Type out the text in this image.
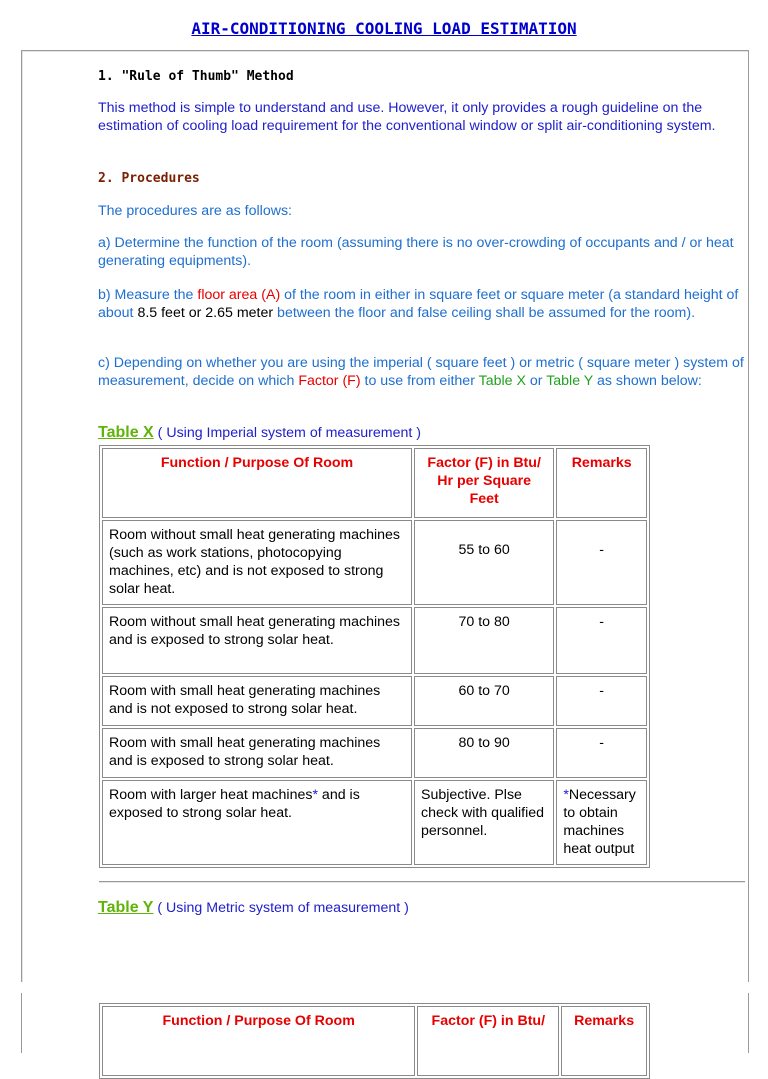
AIR-CONDITIONING COOLING LOAD ESTIMATION
1. "Rule of Thumb" Method

This method is simple to understand and use. However, it only provides a rough guideline on the estimation of cooling load requirement for the conventional window or split air-conditioning system.

2. Procedures

The procedures are as follows:

a) Determine the function of the room (assuming there is no over-crowding of occupants and / or heat generating equipments).

b) Measure the floor area (A) of the room in either in square feet or square meter (a standard height of about 8.5 feet or 2.65 meter between the floor and false ceiling shall be assumed for the room).

c) Depending on whether you are using the imperial ( square feet ) or metric ( square meter ) system of measurement, decide on which Factor (F) to use from either Table X or Table Y as shown below:

Table X ( Using Imperial system of measurement )
Function / Purpose Of Room	Factor (F) in Btu/ Hr per Square Feet	Remarks
Room without small heat generating machines (such as work stations, photocopying machines, etc) and is not exposed to strong solar heat.	55 to 60	-
Room without small heat generating machines and is exposed to strong solar heat.	70 to 80	-
Room with small heat generating machines and is not exposed to strong solar heat.	60 to 70	-
Room with small heat generating machines and is exposed to strong solar heat.	80 to 90	-
Room with larger heat machines* and is exposed to strong solar heat.	Subjective. Plse check with qualified personnel.	*Necessary to obtain machines heat output
Table Y ( Using Metric system of measurement )
Function / Purpose Of Room	Factor (F) in Btu/	Remarks
